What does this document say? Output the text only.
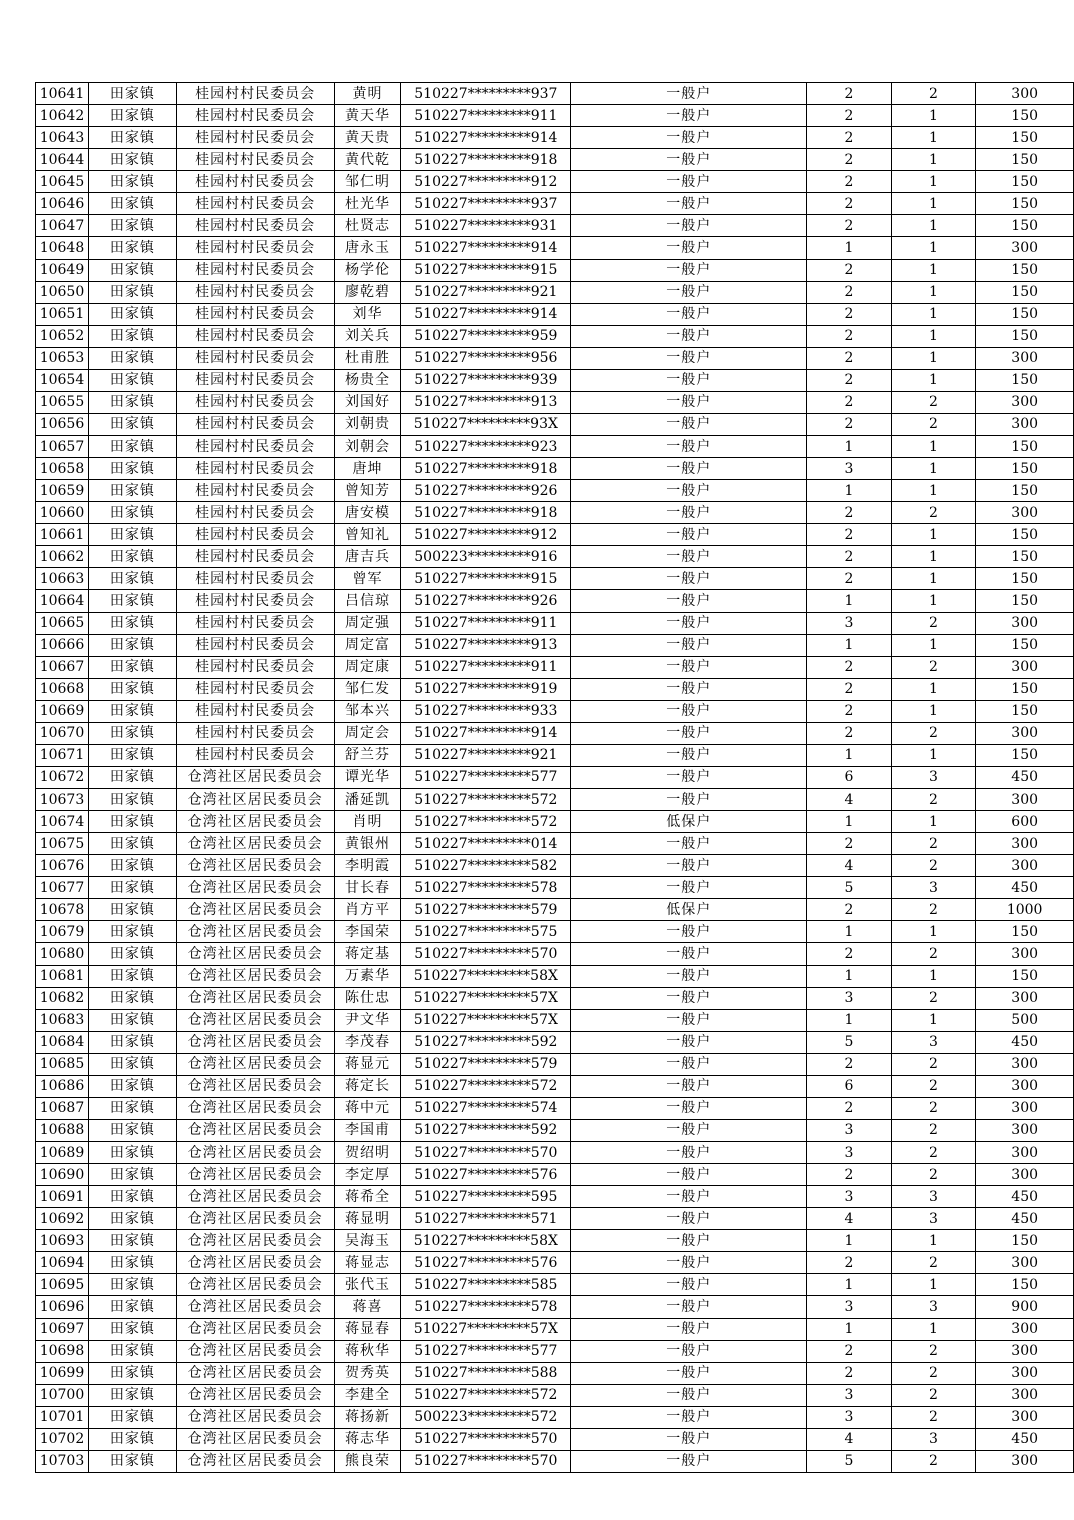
10641	田家镇	桂园村村民委员会	黄明	510227*********937	一般户	2	2	300
10642	田家镇	桂园村村民委员会	黄天华	510227*********911	一般户	2	1	150
10643	田家镇	桂园村村民委员会	黄天贵	510227*********914	一般户	2	1	150
10644	田家镇	桂园村村民委员会	黄代乾	510227*********918	一般户	2	1	150
10645	田家镇	桂园村村民委员会	邹仁明	510227*********912	一般户	2	1	150
10646	田家镇	桂园村村民委员会	杜光华	510227*********937	一般户	2	1	150
10647	田家镇	桂园村村民委员会	杜贤志	510227*********931	一般户	2	1	150
10648	田家镇	桂园村村民委员会	唐永玉	510227*********914	一般户	1	1	300
10649	田家镇	桂园村村民委员会	杨学伦	510227*********915	一般户	2	1	150
10650	田家镇	桂园村村民委员会	廖乾碧	510227*********921	一般户	2	1	150
10651	田家镇	桂园村村民委员会	刘华	510227*********914	一般户	2	1	150
10652	田家镇	桂园村村民委员会	刘关兵	510227*********959	一般户	2	1	150
10653	田家镇	桂园村村民委员会	杜甫胜	510227*********956	一般户	2	1	300
10654	田家镇	桂园村村民委员会	杨贵全	510227*********939	一般户	2	1	150
10655	田家镇	桂园村村民委员会	刘国好	510227*********913	一般户	2	2	300
10656	田家镇	桂园村村民委员会	刘朝贵	510227*********93X	一般户	2	2	300
10657	田家镇	桂园村村民委员会	刘朝会	510227*********923	一般户	1	1	150
10658	田家镇	桂园村村民委员会	唐坤	510227*********918	一般户	3	1	150
10659	田家镇	桂园村村民委员会	曾知芳	510227*********926	一般户	1	1	150
10660	田家镇	桂园村村民委员会	唐安模	510227*********918	一般户	2	2	300
10661	田家镇	桂园村村民委员会	曾知礼	510227*********912	一般户	2	1	150
10662	田家镇	桂园村村民委员会	唐吉兵	500223*********916	一般户	2	1	150
10663	田家镇	桂园村村民委员会	曾军	510227*********915	一般户	2	1	150
10664	田家镇	桂园村村民委员会	吕信琼	510227*********926	一般户	1	1	150
10665	田家镇	桂园村村民委员会	周定强	510227*********911	一般户	3	2	300
10666	田家镇	桂园村村民委员会	周定富	510227*********913	一般户	1	1	150
10667	田家镇	桂园村村民委员会	周定康	510227*********911	一般户	2	2	300
10668	田家镇	桂园村村民委员会	邹仁发	510227*********919	一般户	2	1	150
10669	田家镇	桂园村村民委员会	邹本兴	510227*********933	一般户	2	1	150
10670	田家镇	桂园村村民委员会	周定会	510227*********914	一般户	2	2	300
10671	田家镇	桂园村村民委员会	舒兰芬	510227*********921	一般户	1	1	150
10672	田家镇	仓湾社区居民委员会	谭光华	510227*********577	一般户	6	3	450
10673	田家镇	仓湾社区居民委员会	潘延凯	510227*********572	一般户	4	2	300
10674	田家镇	仓湾社区居民委员会	肖明	510227*********572	低保户	1	1	600
10675	田家镇	仓湾社区居民委员会	黄银州	510227*********014	一般户	2	2	300
10676	田家镇	仓湾社区居民委员会	李明霞	510227*********582	一般户	4	2	300
10677	田家镇	仓湾社区居民委员会	甘长春	510227*********578	一般户	5	3	450
10678	田家镇	仓湾社区居民委员会	肖方平	510227*********579	低保户	2	2	1000
10679	田家镇	仓湾社区居民委员会	李国荣	510227*********575	一般户	1	1	150
10680	田家镇	仓湾社区居民委员会	蒋定基	510227*********570	一般户	2	2	300
10681	田家镇	仓湾社区居民委员会	万素华	510227*********58X	一般户	1	1	150
10682	田家镇	仓湾社区居民委员会	陈仕忠	510227*********57X	一般户	3	2	300
10683	田家镇	仓湾社区居民委员会	尹文华	510227*********57X	一般户	1	1	500
10684	田家镇	仓湾社区居民委员会	李茂春	510227*********592	一般户	5	3	450
10685	田家镇	仓湾社区居民委员会	蒋显元	510227*********579	一般户	2	2	300
10686	田家镇	仓湾社区居民委员会	蒋定长	510227*********572	一般户	6	2	300
10687	田家镇	仓湾社区居民委员会	蒋中元	510227*********574	一般户	2	2	300
10688	田家镇	仓湾社区居民委员会	李国甫	510227*********592	一般户	3	2	300
10689	田家镇	仓湾社区居民委员会	贺绍明	510227*********570	一般户	3	2	300
10690	田家镇	仓湾社区居民委员会	李定厚	510227*********576	一般户	2	2	300
10691	田家镇	仓湾社区居民委员会	蒋希全	510227*********595	一般户	3	3	450
10692	田家镇	仓湾社区居民委员会	蒋显明	510227*********571	一般户	4	3	450
10693	田家镇	仓湾社区居民委员会	吴海玉	510227*********58X	一般户	1	1	150
10694	田家镇	仓湾社区居民委员会	蒋显志	510227*********576	一般户	2	2	300
10695	田家镇	仓湾社区居民委员会	张代玉	510227*********585	一般户	1	1	150
10696	田家镇	仓湾社区居民委员会	蒋喜	510227*********578	一般户	3	3	900
10697	田家镇	仓湾社区居民委员会	蒋显春	510227*********57X	一般户	1	1	300
10698	田家镇	仓湾社区居民委员会	蒋秋华	510227*********577	一般户	2	2	300
10699	田家镇	仓湾社区居民委员会	贺秀英	510227*********588	一般户	2	2	300
10700	田家镇	仓湾社区居民委员会	李建全	510227*********572	一般户	3	2	300
10701	田家镇	仓湾社区居民委员会	蒋扬新	500223*********572	一般户	3	2	300
10702	田家镇	仓湾社区居民委员会	蒋志华	510227*********570	一般户	4	3	450
10703	田家镇	仓湾社区居民委员会	熊良荣	510227*********570	一般户	5	2	300
